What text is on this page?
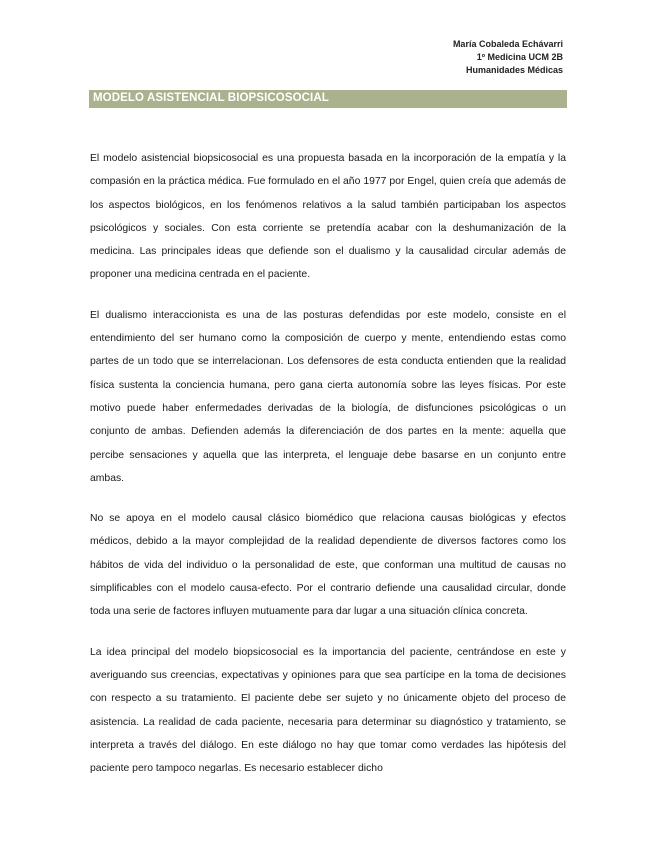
María Cobaleda Echávarri
1º Medicina UCM 2B
Humanidades Médicas
MODELO ASISTENCIAL BIOPSICOSOCIAL

El modelo asistencial biopsicosocial es una propuesta basada en la incorporación de la empatía y la compasión en la práctica médica. Fue formulado en el año 1977 por Engel, quien creía que además de los aspectos biológicos, en los fenómenos relativos a la salud también participaban los aspectos psicológicos y sociales. Con esta corriente se pretendía acabar con la deshumanización de la medicina. Las principales ideas que defiende son el dualismo y la causalidad circular además de proponer una medicina centrada en el paciente.

El dualismo interaccionista es una de las posturas defendidas por este modelo, consiste en el entendimiento del ser humano como la composición de cuerpo y mente, entendiendo estas como partes de un todo que se interrelacionan. Los defensores de esta conducta entienden que la realidad física sustenta la conciencia humana, pero gana cierta autonomía sobre las leyes físicas. Por este motivo puede haber enfermedades derivadas de la biología, de disfunciones psicológicas o un conjunto de ambas. Defienden además la diferenciación de dos partes en la mente: aquella que percibe sensaciones y aquella que las interpreta, el lenguaje debe basarse en un conjunto entre ambas.

No se apoya en el modelo causal clásico biomédico que relaciona causas biológicas y efectos médicos, debido a la mayor complejidad de la realidad dependiente de diversos factores como los hábitos de vida del individuo o la personalidad de este, que conforman una multitud de causas no simplificables con el modelo causa-efecto. Por el contrario defiende una causalidad circular, donde toda una serie de factores influyen mutuamente para dar lugar a una situación clínica concreta.

La idea principal del modelo biopsicosocial es la importancia del paciente, centrándose en este y averiguando sus creencias, expectativas y opiniones para que sea partícipe en la toma de decisiones con respecto a su tratamiento. El paciente debe ser sujeto y no únicamente objeto del proceso de asistencia. La realidad de cada paciente, necesaria para determinar su diagnóstico y tratamiento, se interpreta a través del diálogo. En este diálogo no hay que tomar como verdades las hipótesis del paciente pero tampoco negarlas. Es necesario establecer dicho
